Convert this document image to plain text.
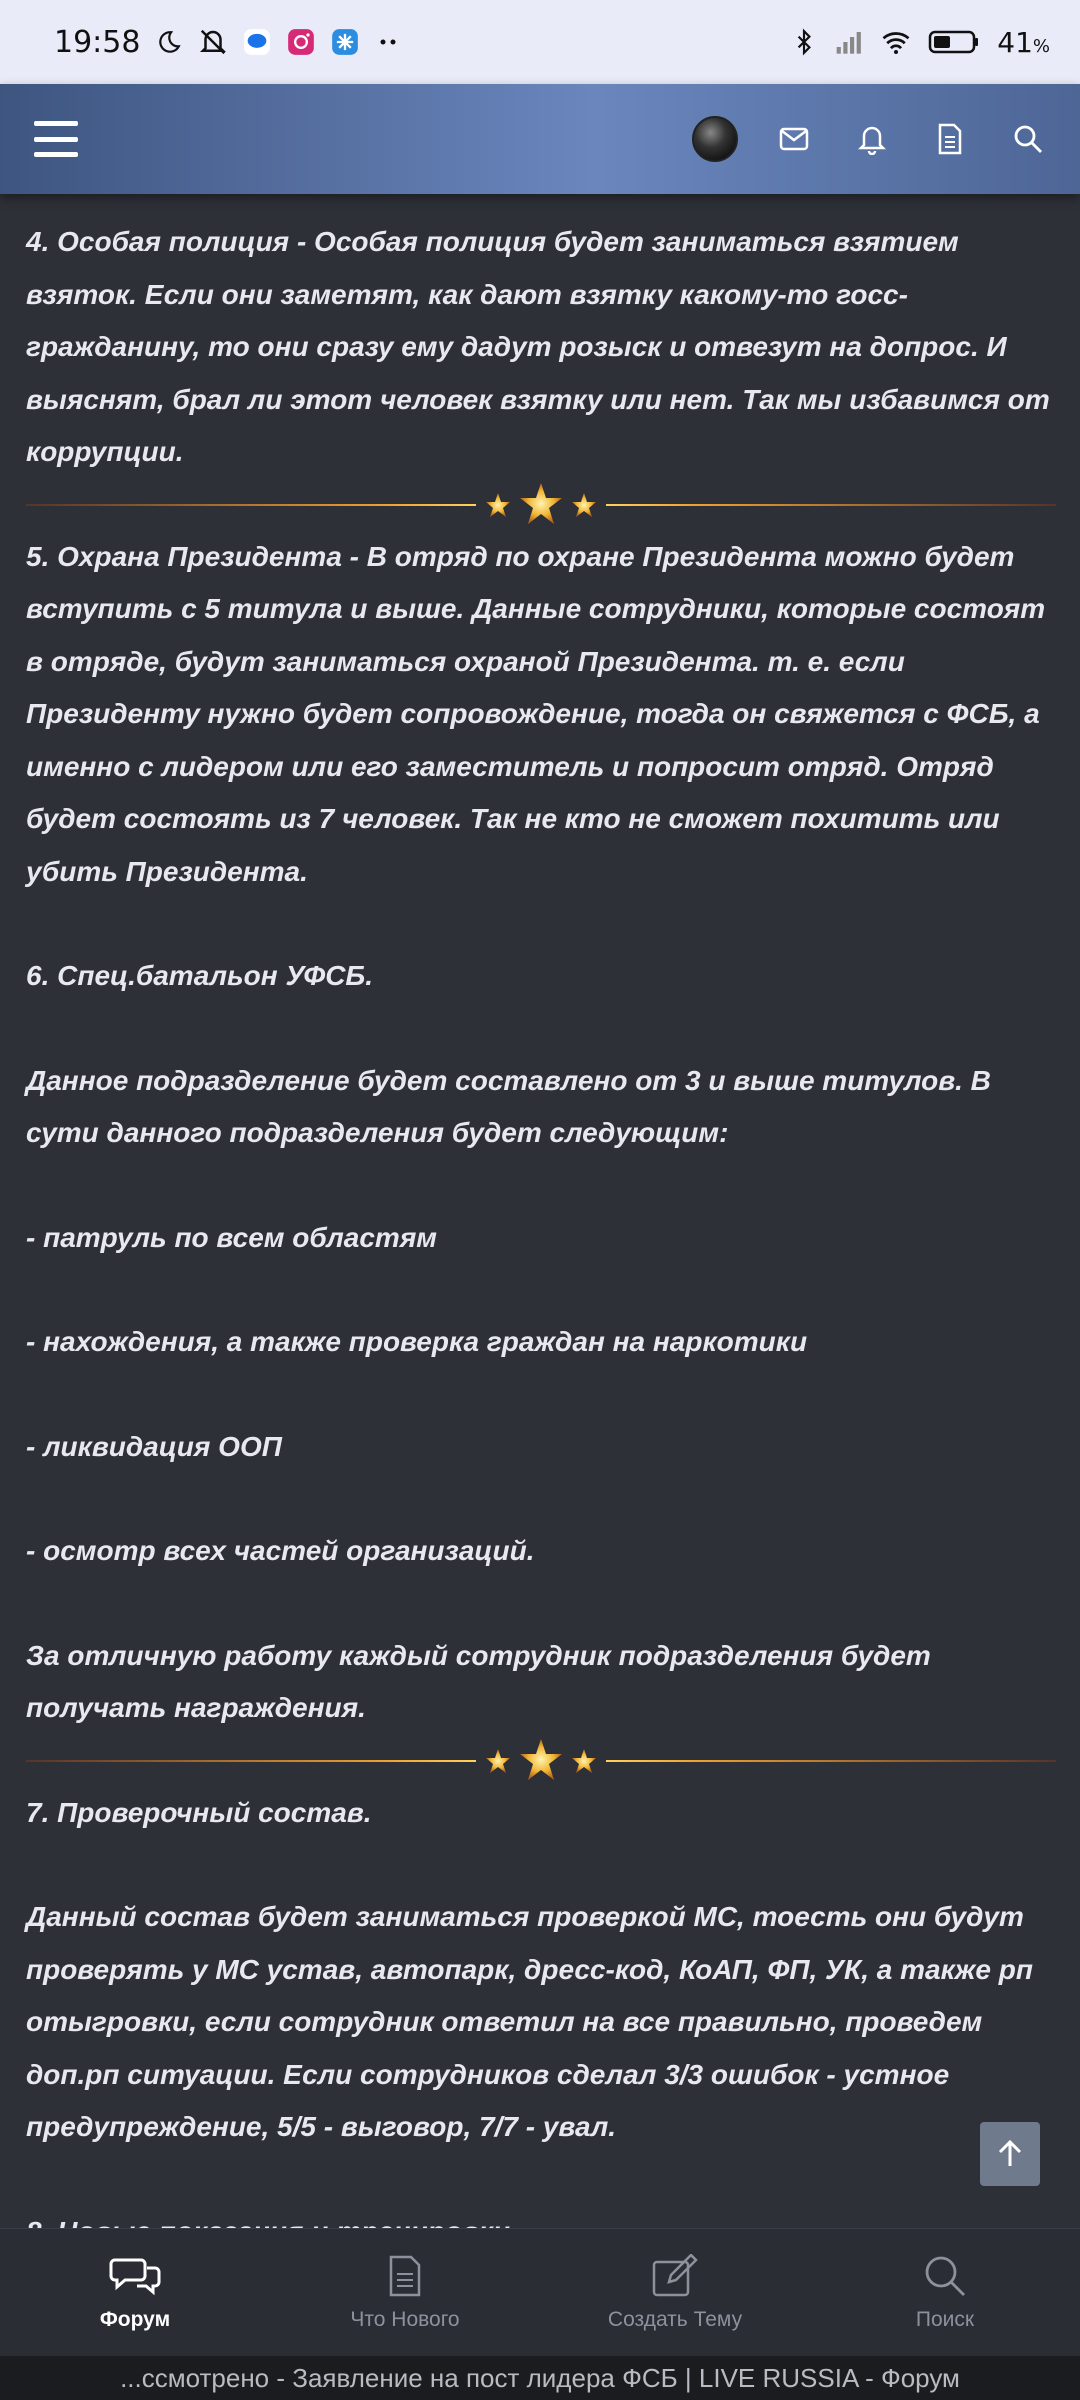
19:58	41%

4. Особая полиция - Особая полиция будет заниматься взятием взяток. Если они заметят, как дают взятку какому-то госс-гражданину, то они сразу ему дадут розыск и отвезут на допрос. И выяснят, брал ли этот человек взятку или нет. Так мы избавимся от коррупции.

5. Охрана Президента - В отряд по охране Президента можно будет вступить с 5 титула и выше. Данные сотрудники, которые состоят в отряде, будут заниматься охраной Президента. т. е. если Президенту нужно будет сопровождение, тогда он свяжется с ФСБ, а именно с лидером или его заместитель и попросит отряд. Отряд будет состоять из 7 человек. Так не кто не сможет похитить или убить Президента.

6. Спец.батальон УФСБ.

Данное подразделение будет составлено от 3 и выше титулов. В сути данного подразделения будет следующим:

- патруль по всем областям

- нахождения, а также проверка граждан на наркотики

- ликвидация ООП

- осмотр всех частей организаций.

За отличную работу каждый сотрудник подразделения будет получать награждения.

7. Проверочный состав.

Данный состав будет заниматься проверкой МС, тоесть они будут проверять у МС устав, автопарк, дресс-код, КоАП, ФП, УК, а также рп отыгровки, если сотрудник ответил на все правильно, проведем доп.рп ситуации. Если сотрудников сделал 3/3 ошибок - устное предупреждение, 5/5 - выговор, 7/7 - увал.

Форум	Что Нового	Создать Тему	Поиск
...ссмотрено - Заявление на пост лидера ФСБ | LIVE RUSSIA - Форум
